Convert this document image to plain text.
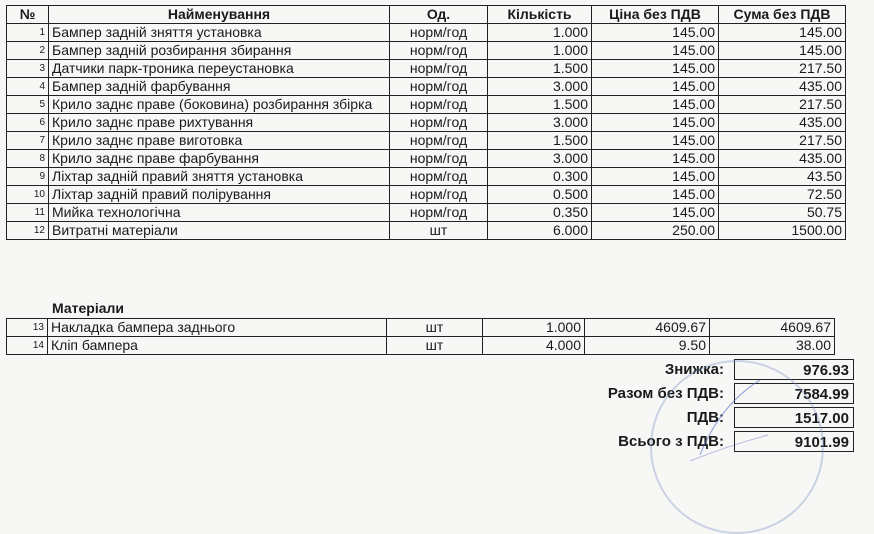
№	Найменування	Од.	Кількість	Ціна без ПДВ	Сума без ПДВ
1	Бампер задній зняття установка	норм/год	1.000	145.00	145.00
2	Бампер задній розбирання збирання	норм/год	1.000	145.00	145.00
3	Датчики парк-троника переустановка	норм/год	1.500	145.00	217.50
4	Бампер задній фарбування	норм/год	3.000	145.00	435.00
5	Крило заднє праве (боковина) розбирання збірка	норм/год	1.500	145.00	217.50
6	Крило заднє праве рихтування	норм/год	3.000	145.00	435.00
7	Крило заднє праве виготовка	норм/год	1.500	145.00	217.50
8	Крило заднє праве фарбування	норм/год	3.000	145.00	435.00
9	Ліхтар задній правий зняття установка	норм/год	0.300	145.00	43.50
10	Ліхтар задній правий полірування	норм/год	0.500	145.00	72.50
11	Мийка технологічна	норм/год	0.350	145.00	50.75
12	Витратні матеріали	шт	6.000	250.00	1500.00
Матеріали
13	Накладка бампера заднього	шт	1.000	4609.67	4609.67
14	Кліп бампера	шт	4.000	9.50	38.00
Знижка:	976.93
Разом без ПДВ:	7584.99
ПДВ:	1517.00
Всього з ПДВ:	9101.99
